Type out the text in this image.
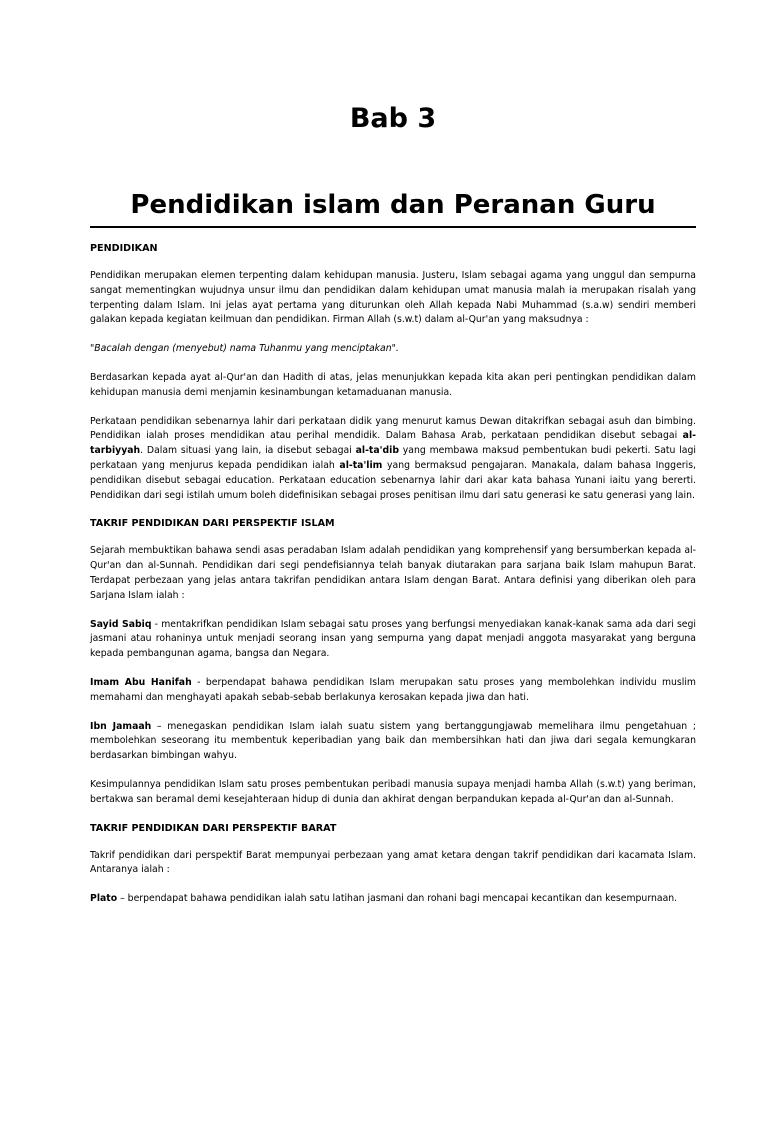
Bab 3
Pendidikan islam dan Peranan Guru
PENDIDIKAN

Pendidikan merupakan elemen terpenting dalam kehidupan manusia. Justeru, Islam sebagai agama yang unggul dan sempurna sangat mementingkan wujudnya unsur ilmu dan pendidikan dalam kehidupan umat manusia malah ia merupakan risalah yang terpenting dalam Islam. Ini jelas ayat pertama yang diturunkan oleh Allah kepada Nabi Muhammad (s.a.w) sendiri memberi galakan kepada kegiatan keilmuan dan pendidikan. Firman Allah (s.w.t) dalam al-Qur'an yang maksudnya :

"Bacalah dengan (menyebut) nama Tuhanmu yang menciptakan".

Berdasarkan kepada ayat al-Qur'an dan Hadith di atas, jelas menunjukkan kepada kita akan peri pentingkan pendidikan dalam kehidupan manusia demi menjamin kesinambungan ketamaduanan manusia.

Perkataan pendidikan sebenarnya lahir dari perkataan didik yang menurut kamus Dewan ditakrifkan sebagai asuh dan bimbing. Pendidikan ialah proses mendidikan atau perihal mendidik. Dalam Bahasa Arab, perkataan pendidikan disebut sebagai al-tarbiyyah. Dalam situasi yang lain, ia disebut sebagai al-ta'dib yang membawa maksud pembentukan budi pekerti. Satu lagi perkataan yang menjurus kepada pendidikan ialah al-ta'lim yang bermaksud pengajaran. Manakala, dalam bahasa Inggeris, pendidikan disebut sebagai education. Perkataan education sebenarnya lahir dari akar kata bahasa Yunani iaitu yang bererti. Pendidikan dari segi istilah umum boleh didefinisikan sebagai proses penitisan ilmu dari satu generasi ke satu generasi yang lain.

TAKRIF PENDIDIKAN DARI PERSPEKTIF ISLAM

Sejarah membuktikan bahawa sendi asas peradaban Islam adalah pendidikan yang komprehensif yang bersumberkan kepada al-Qur'an dan al-Sunnah. Pendidikan dari segi pendefisiannya telah banyak diutarakan para sarjana baik Islam mahupun Barat. Terdapat perbezaan yang jelas antara takrifan pendidikan antara Islam dengan Barat. Antara definisi yang diberikan oleh para Sarjana Islam ialah :

Sayid Sabiq - mentakrifkan pendidikan Islam sebagai satu proses yang berfungsi menyediakan kanak-kanak sama ada dari segi jasmani atau rohaninya untuk menjadi seorang insan yang sempurna yang dapat menjadi anggota masyarakat yang berguna kepada pembangunan agama, bangsa dan Negara.

Imam Abu Hanifah - berpendapat bahawa pendidikan Islam merupakan satu proses yang membolehkan individu muslim memahami dan menghayati apakah sebab-sebab berlakunya kerosakan kepada jiwa dan hati.

Ibn Jamaah – menegaskan pendidikan Islam ialah suatu sistem yang bertanggungjawab memelihara ilmu pengetahuan ; membolehkan seseorang itu membentuk keperibadian yang baik dan membersihkan hati dan jiwa dari segala kemungkaran berdasarkan bimbingan wahyu.

Kesimpulannya pendidikan Islam satu proses pembentukan peribadi manusia supaya menjadi hamba Allah (s.w.t) yang beriman, bertakwa san beramal demi kesejahteraan hidup di dunia dan akhirat dengan berpandukan kepada al-Qur'an dan al-Sunnah.

TAKRIF PENDIDIKAN DARI PERSPEKTIF BARAT

Takrif pendidikan dari perspektif Barat mempunyai perbezaan yang amat ketara dengan takrif pendidikan dari kacamata Islam. Antaranya ialah :

Plato – berpendapat bahawa pendidikan ialah satu latihan jasmani dan rohani bagi mencapai kecantikan dan kesempurnaan.
